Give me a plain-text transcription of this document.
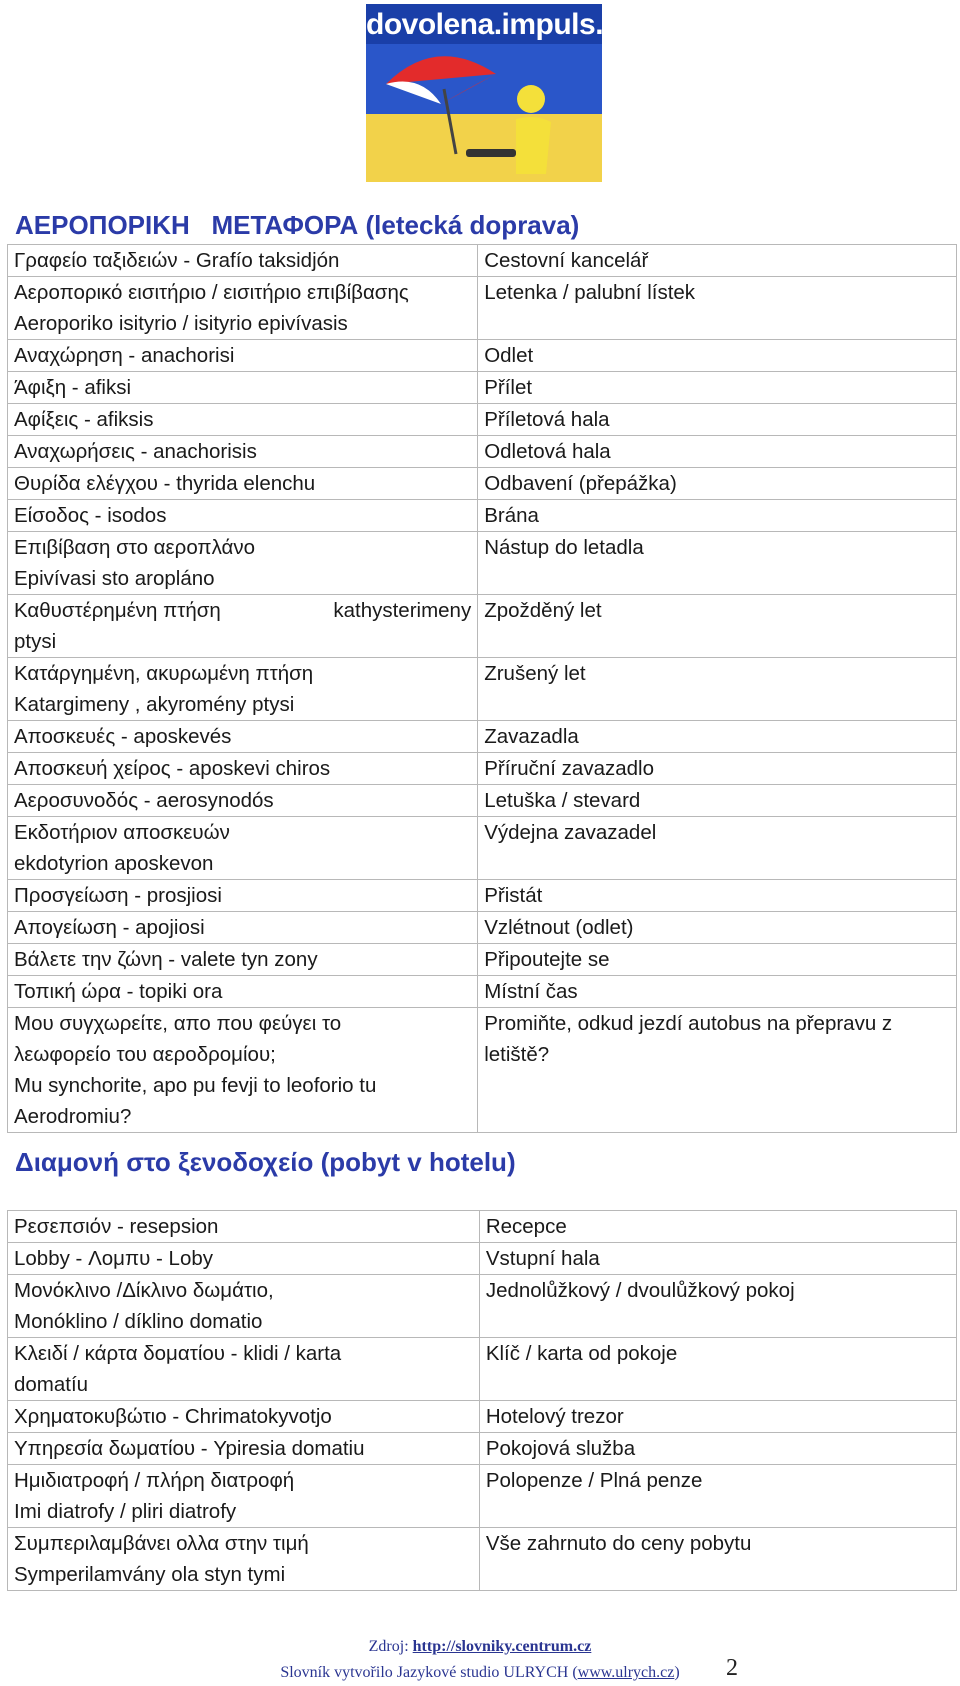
dovolena.impuls.cz
ΑΕΡΟΠΟΡΙΚΗ   ΜΕΤΑΦΟΡΑ (letecká doprava)
Γραφείο ταξιδειών - Grafío taksidjón	Cestovní kancelář

Αεροπορικό εισιτήριο / εισιτήριο επιβίβασης
Aeroporiko isityrio / isityrio epivívasis	Letenka / palubní lístek

Αναχώρηση - anachorisi	Odlet

Άφιξη - afiksi	Přílet

Αφίξεις - afiksis	Příletová hala

Αναχωρήσεις - anachorisis	Odletová hala

Θυρίδα ελέγχου - thyrida elenchu	Odbavení (přepážka)

Είσοδος - isodos	Brána

Επιβίβαση στο αεροπλάνο
Epivívasi sto aropláno	Nástup do letadla

Καθυστέρημένη πτήση kathysterimeny
ptysi	Zpožděný let

Κατάργημένη, ακυρωμένη πτήση
Katargimeny , akyromény ptysi	Zrušený let

Αποσκευές - aposkevés	Zavazadla

Αποσκευή χείρος - aposkevi chiros	Příruční zavazadlo

Αεροσυνοδός - aerosynodós	Letuška / stevard

Εκδοτήριον αποσκευών
ekdotyrion aposkevon	Výdejna zavazadel

Προσγείωση - prosjiosi	Přistát

Απογείωση - apojiosi	Vzlétnout (odlet)

Βάλετε την ζώνη - valete tyn zony	Připoutejte se

Τοπική ώρα - topiki ora	Místní čas

Μου συγχωρείτε, απο που φεύγει το
λεωφορείο του αεροδρομίου;
Mu synchorite, apo pu fevji to leoforio tu
Aerodromiu?	Promiňte, odkud jezdí autobus na přepravu z
letiště?
Διαμονή στο ξενοδοχείο (pobyt v hotelu)
Ρεσεπσιόν - resepsion	Recepce

Lobby - Λομπυ - Loby	Vstupní hala

Μονόκλινο /Δίκλινο δωμάτιο,
Monóklino / díklino domatio	Jednolůžkový / dvoulůžkový pokoj

Κλειδί / κάρτα δοματίου - klidi / karta
domatíu	Klíč / karta od pokoje

Χρηματοκυβώτιο - Chrimatokyvotjo	Hotelový trezor

Υπηρεσία δωματίου - Ypiresia domatiu	Pokojová služba

Ημιδιατροφή / πλήρη διατροφή
Imi diatrofy / pliri diatrofy	Polopenze / Plná penze

Συμπεριλαμβάνει ολλα στην τιμή
Symperilamvány ola styn tymi	Vše zahrnuto do ceny pobytu
Zdroj: http://slovniky.centrum.cz
Slovník vytvořilo Jazykové studio ULRYCH (www.ulrych.cz)	2
